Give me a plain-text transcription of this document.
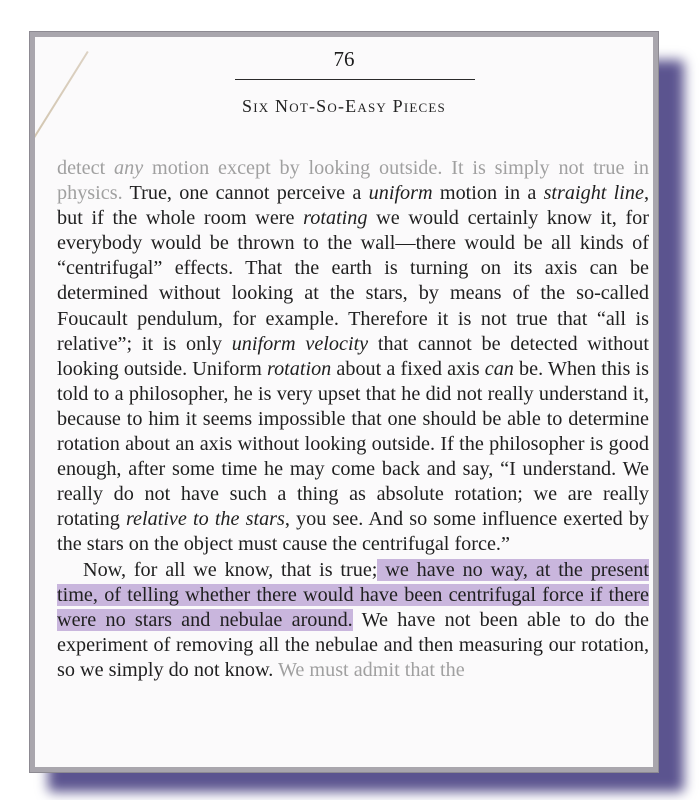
76
Six Not-So-Easy Pieces

detect any motion except by looking outside. It is simply not true in physics. True, one cannot perceive a uniform motion in a straight line, but if the whole room were rotating we would certainly know it, for everybody would be thrown to the wall—there would be all kinds of “centrifugal” effects. That the earth is turning on its axis can be determined without looking at the stars, by means of the so-called Foucault pendulum, for example. Therefore it is not true that “all is relative”; it is only uniform velocity that cannot be detected without looking outside. Uniform rotation about a fixed axis can be. When this is told to a philosopher, he is very upset that he did not really understand it, because to him it seems impossible that one should be able to determine rotation about an axis without looking outside. If the philosopher is good enough, after some time he may come back and say, “I understand. We really do not have such a thing as absolute rotation; we are really rotating relative to the stars, you see. And so some influence exerted by the stars on the object must cause the centrifugal force.”

Now, for all we know, that is true; we have no way, at the present time, of telling whether there would have been centrifugal force if there were no stars and nebulae around. We have not been able to do the experiment of removing all the nebulae and then measuring our rotation, so we simply do not know. We must admit that the
